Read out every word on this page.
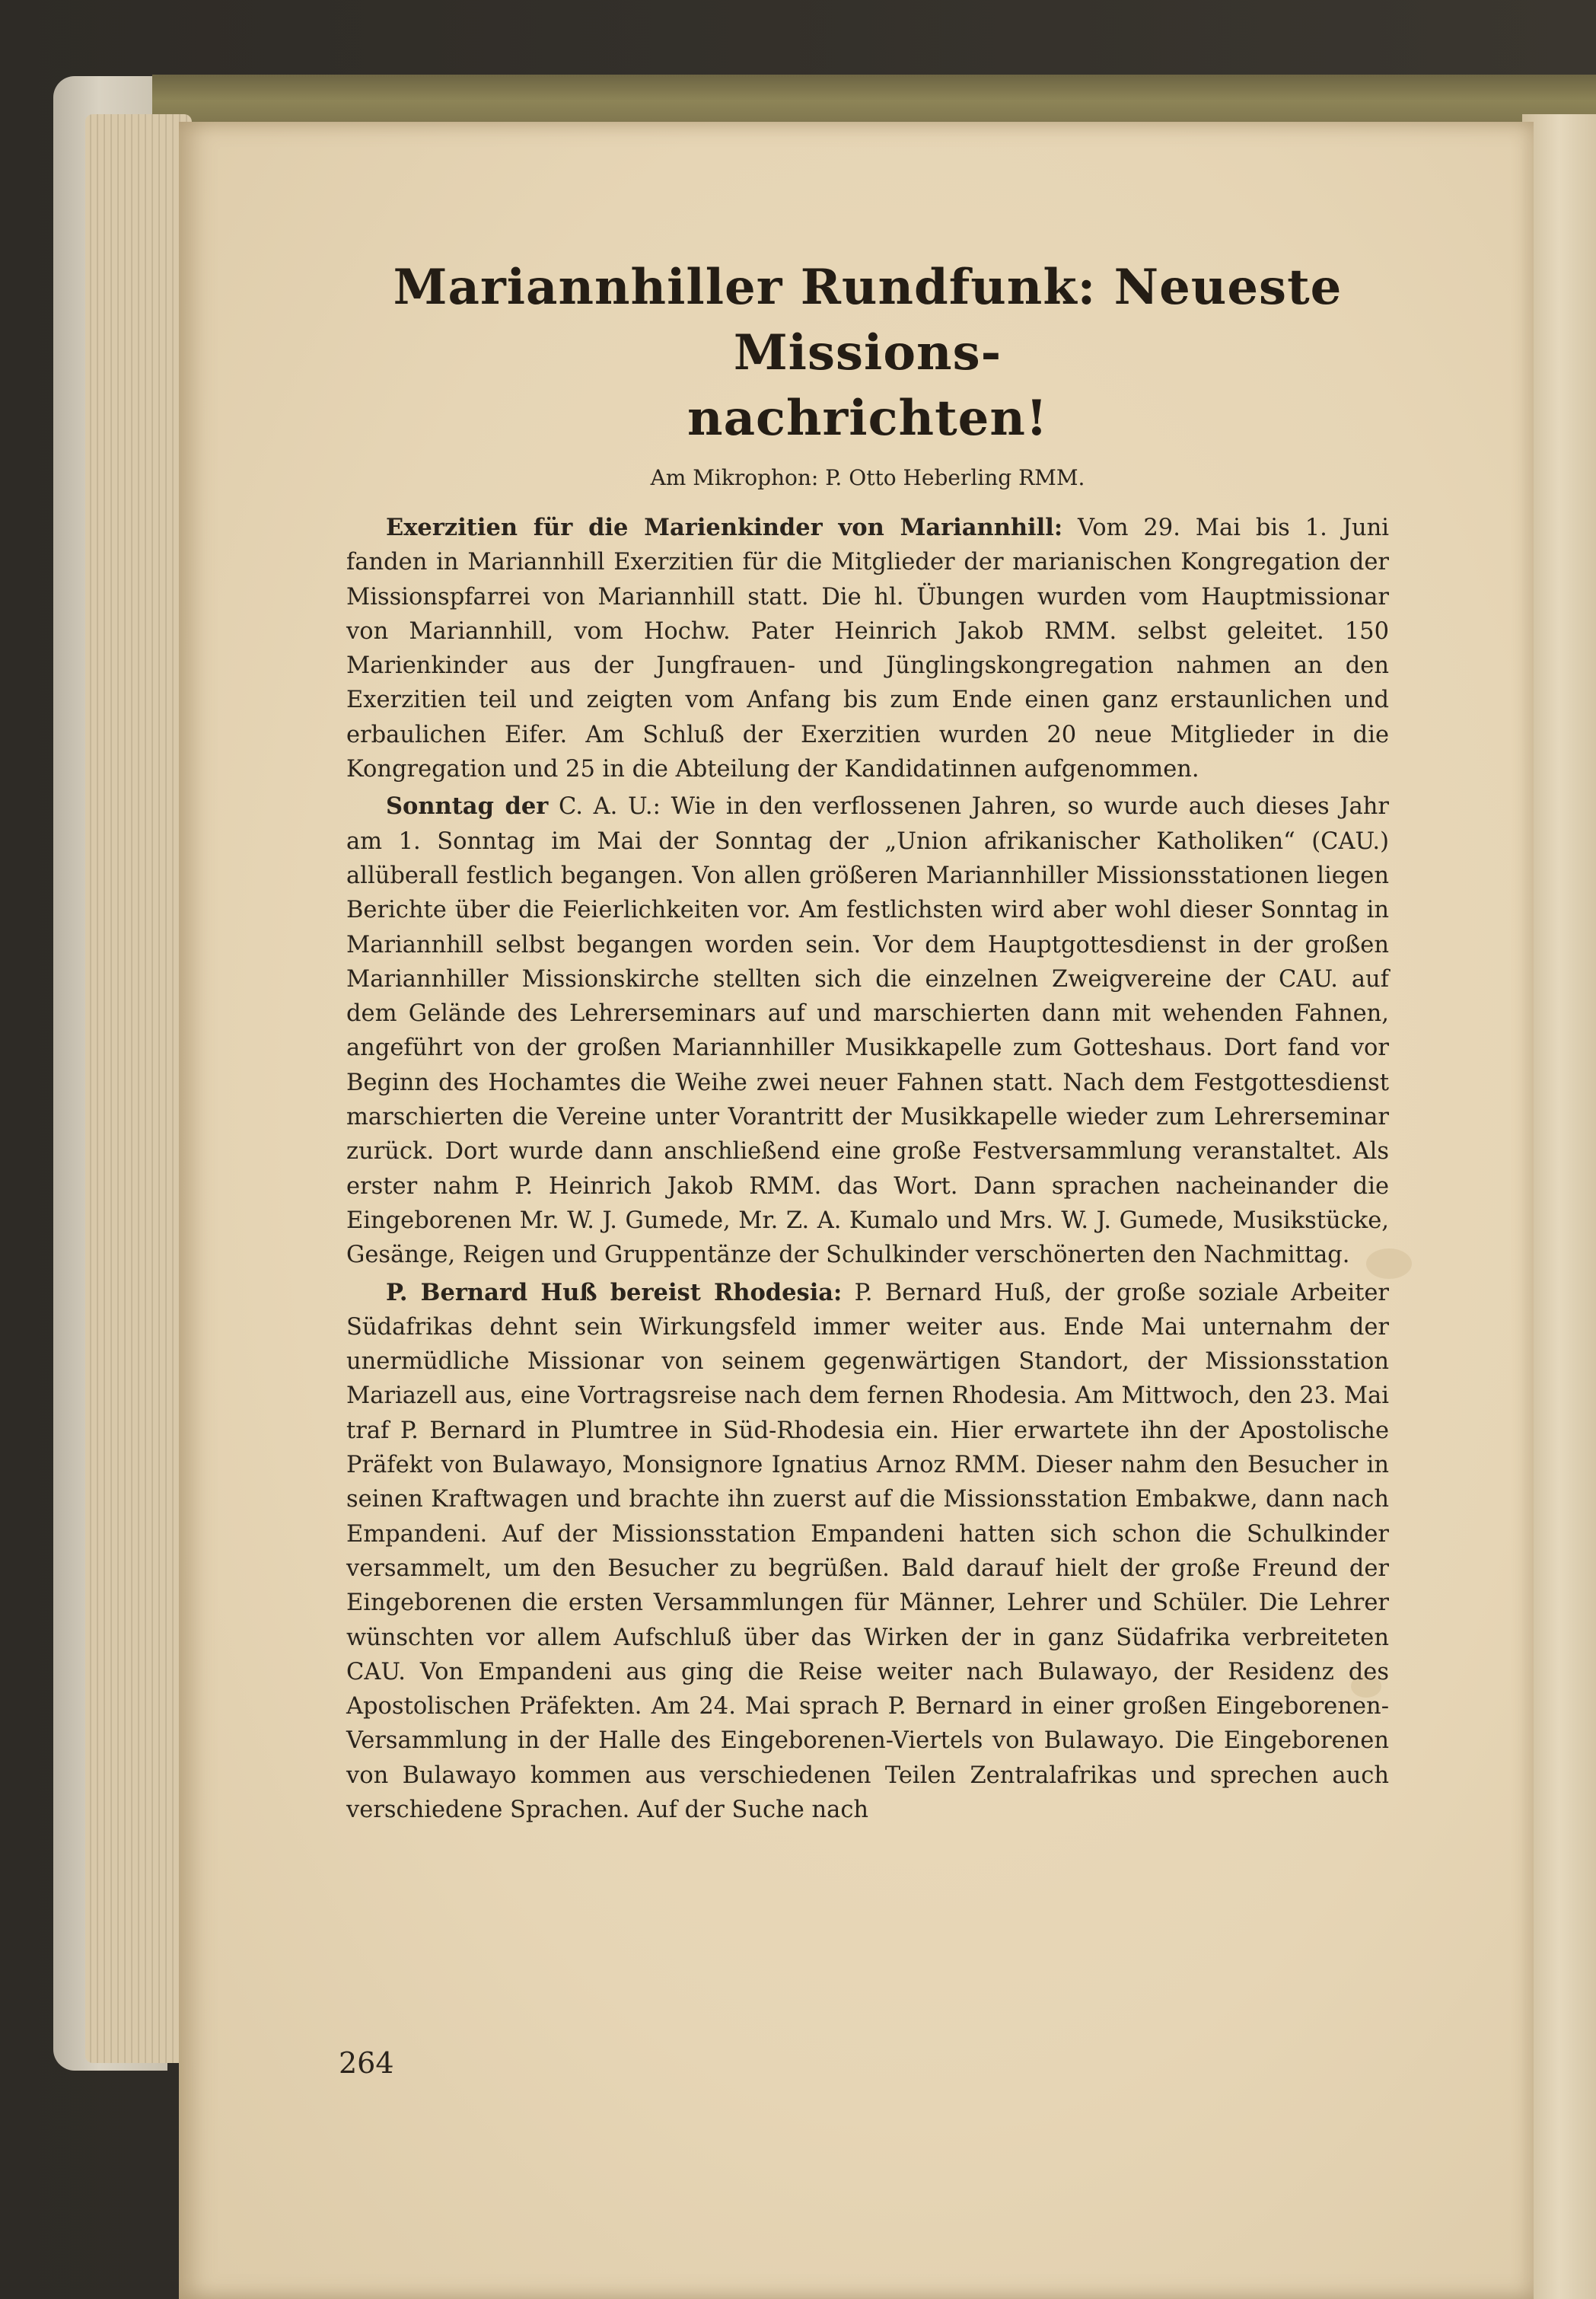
Mariannhiller Rundfunk: Neueste Missions-
nachrichten!
Am Mikrophon: P. Otto Heberling RMM.

Exerzitien für die Marienkinder von Mariannhill: Vom 29. Mai bis 1. Juni fanden in Mariannhill Exerzitien für die Mitglieder der marianischen Kongregation der Missionspfarrei von Mariannhill statt. Die hl. Übungen wurden vom Hauptmissionar von Mariannhill, vom Hochw. Pater Heinrich Jakob RMM. selbst geleitet. 150 Marienkinder aus der Jungfrauen- und Jünglingskongregation nahmen an den Exerzitien teil und zeigten vom Anfang bis zum Ende einen ganz erstaunlichen und erbaulichen Eifer. Am Schluß der Exerzitien wurden 20 neue Mitglieder in die Kongregation und 25 in die Abteilung der Kandidatinnen aufgenommen.

Sonntag der C. A. U.: Wie in den verflossenen Jahren, so wurde auch dieses Jahr am 1. Sonntag im Mai der Sonntag der „Union afrikanischer Katholiken“ (CAU.) allüberall festlich begangen. Von allen größeren Mariannhiller Missionsstationen liegen Berichte über die Feierlichkeiten vor. Am festlichsten wird aber wohl dieser Sonntag in Mariannhill selbst begangen worden sein. Vor dem Hauptgottesdienst in der großen Mariannhiller Missionskirche stellten sich die einzelnen Zweigvereine der CAU. auf dem Gelände des Lehrerseminars auf und marschierten dann mit wehenden Fahnen, angeführt von der großen Mariannhiller Musikkapelle zum Gotteshaus. Dort fand vor Beginn des Hochamtes die Weihe zwei neuer Fahnen statt. Nach dem Festgottesdienst marschierten die Vereine unter Vorantritt der Musikkapelle wieder zum Lehrerseminar zurück. Dort wurde dann anschließend eine große Festversammlung veranstaltet. Als erster nahm P. Heinrich Jakob RMM. das Wort. Dann sprachen nacheinander die Eingeborenen Mr. W. J. Gumede, Mr. Z. A. Kumalo und Mrs. W. J. Gumede, Musikstücke, Gesänge, Reigen und Gruppentänze der Schulkinder verschönerten den Nachmittag.

P. Bernard Huß bereist Rhodesia: P. Bernard Huß, der große soziale Arbeiter Südafrikas dehnt sein Wirkungsfeld immer weiter aus. Ende Mai unternahm der unermüdliche Missionar von seinem gegenwärtigen Standort, der Missionsstation Mariazell aus, eine Vortragsreise nach dem fernen Rhodesia. Am Mittwoch, den 23. Mai traf P. Bernard in Plumtree in Süd-Rhodesia ein. Hier erwartete ihn der Apostolische Präfekt von Bulawayo, Monsignore Ignatius Arnoz RMM. Dieser nahm den Besucher in seinen Kraftwagen und brachte ihn zuerst auf die Missionsstation Embakwe, dann nach Empandeni. Auf der Missionsstation Empandeni hatten sich schon die Schulkinder versammelt, um den Besucher zu begrüßen. Bald darauf hielt der große Freund der Eingeborenen die ersten Versammlungen für Männer, Lehrer und Schüler. Die Lehrer wünschten vor allem Aufschluß über das Wirken der in ganz Südafrika verbreiteten CAU. Von Empandeni aus ging die Reise weiter nach Bulawayo, der Residenz des Apostolischen Präfekten. Am 24. Mai sprach P. Bernard in einer großen Eingeborenen-Versammlung in der Halle des Eingeborenen-Viertels von Bulawayo. Die Eingeborenen von Bulawayo kommen aus verschiedenen Teilen Zentralafrikas und sprechen auch verschiedene Sprachen. Auf der Suche nach

264
